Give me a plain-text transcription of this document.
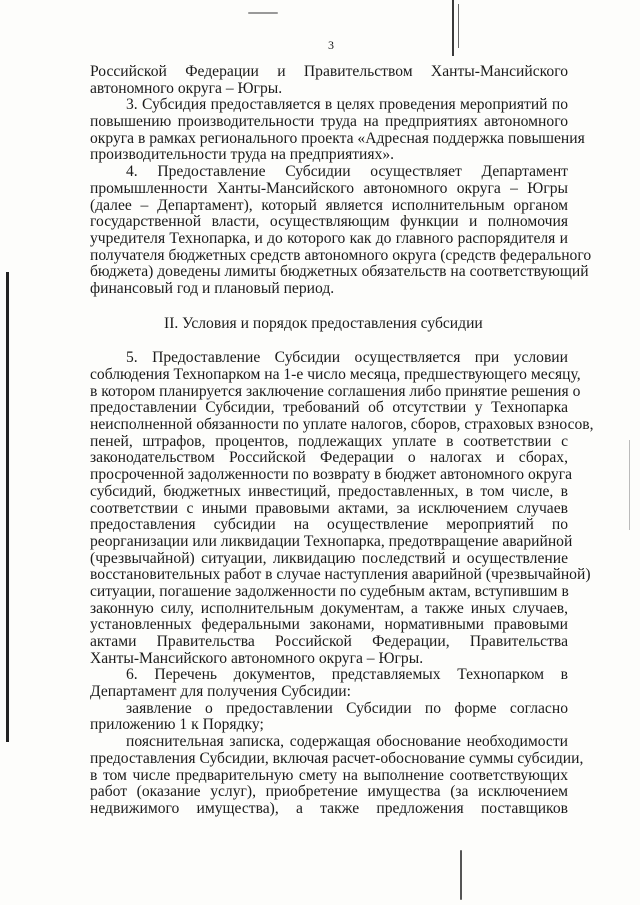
3
Российской Федерации и Правительством Ханты-Мансийского
автономного округа – Югры.
3. Субсидия предоставляется в целях проведения мероприятий по
повышению производительности труда на предприятиях автономного
округа в рамках регионального проекта «Адресная поддержка повышения
производительности труда на предприятиях».
4. Предоставление Субсидии осуществляет Департамент
промышленности Ханты-Мансийского автономного округа – Югры
(далее – Департамент), который является исполнительным органом
государственной власти, осуществляющим функции и полномочия
учредителя Технопарка, и до которого как до главного распорядителя и
получателя бюджетных средств автономного округа (средств федерального
бюджета) доведены лимиты бюджетных обязательств на соответствующий
финансовый год и плановый период.
II. Условия и порядок предоставления субсидии
5. Предоставление Субсидии осуществляется при условии
соблюдения Технопарком на 1-е число месяца, предшествующего месяцу,
в котором планируется заключение соглашения либо принятие решения о
предоставлении Субсидии, требований об отсутствии у Технопарка
неисполненной обязанности по уплате налогов, сборов, страховых взносов,
пеней, штрафов, процентов, подлежащих уплате в соответствии с
законодательством Российской Федерации о налогах и сборах,
просроченной задолженности по возврату в бюджет автономного округа
субсидий, бюджетных инвестиций, предоставленных, в том числе, в
соответствии с иными правовыми актами, за исключением случаев
предоставления субсидии на осуществление мероприятий по
реорганизации или ликвидации Технопарка, предотвращение аварийной
(чрезвычайной) ситуации, ликвидацию последствий и осуществление
восстановительных работ в случае наступления аварийной (чрезвычайной)
ситуации, погашение задолженности по судебным актам, вступившим в
законную силу, исполнительным документам, а также иных случаев,
установленных федеральными законами, нормативными правовыми
актами Правительства Российской Федерации, Правительства
Ханты-Мансийского автономного округа – Югры.
6. Перечень документов, представляемых Технопарком в
Департамент для получения Субсидии:
заявление о предоставлении Субсидии по форме согласно
приложению 1 к Порядку;
пояснительная записка, содержащая обоснование необходимости
предоставления Субсидии, включая расчет-обоснование суммы субсидии,
в том числе предварительную смету на выполнение соответствующих
работ (оказание услуг), приобретение имущества (за исключением
недвижимого имущества), а также предложения поставщиков
